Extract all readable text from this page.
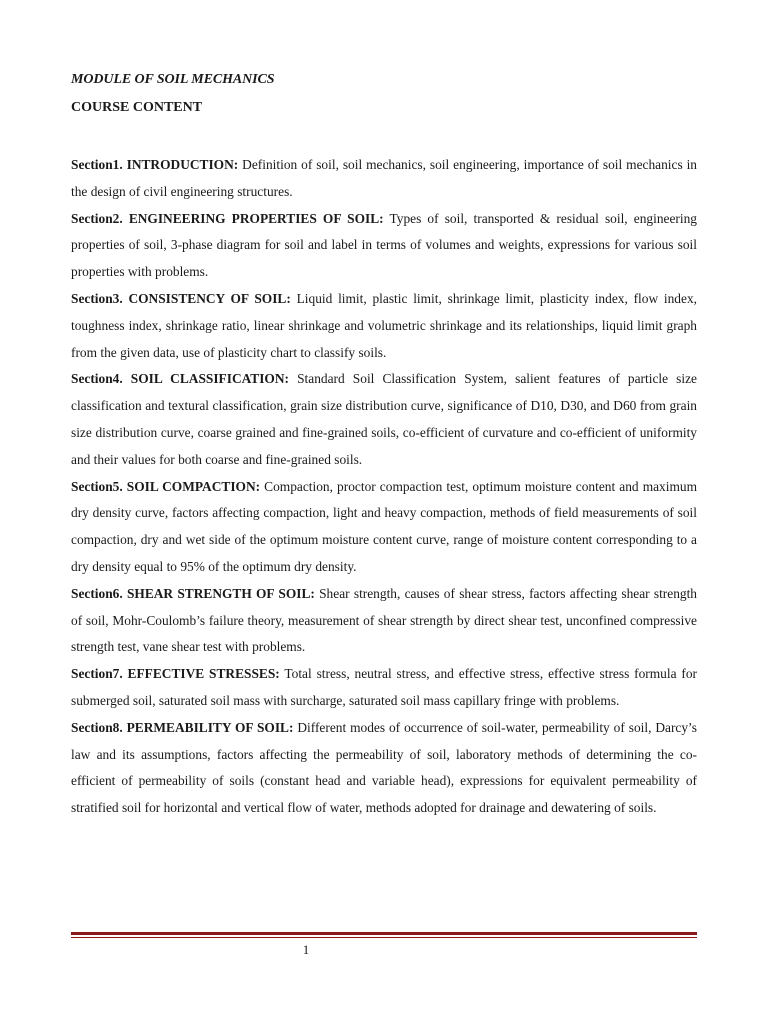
MODULE OF SOIL MECHANICS
COURSE CONTENT

Section1. INTRODUCTION: Definition of soil, soil mechanics, soil engineering, importance of soil mechanics in the design of civil engineering structures.

Section2. ENGINEERING PROPERTIES OF SOIL: Types of soil, transported & residual soil, engineering properties of soil, 3-phase diagram for soil and label in terms of volumes and weights, expressions for various soil properties with problems.

Section3. CONSISTENCY OF SOIL: Liquid limit, plastic limit, shrinkage limit, plasticity index, flow index, toughness index, shrinkage ratio, linear shrinkage and volumetric shrinkage and its relationships, liquid limit graph from the given data, use of plasticity chart to classify soils.

Section4. SOIL CLASSIFICATION: Standard Soil Classification System, salient features of particle size classification and textural classification, grain size distribution curve, significance of D10, D30, and D60 from grain size distribution curve, coarse grained and fine-grained soils, co-efficient of curvature and co-efficient of uniformity and their values for both coarse and fine-grained soils.

Section5. SOIL COMPACTION: Compaction, proctor compaction test, optimum moisture content and maximum dry density curve, factors affecting compaction, light and heavy compaction, methods of field measurements of soil compaction, dry and wet side of the optimum moisture content curve, range of moisture content corresponding to a dry density equal to 95% of the optimum dry density.

Section6. SHEAR STRENGTH OF SOIL: Shear strength, causes of shear stress, factors affecting shear strength of soil, Mohr-Coulomb’s failure theory, measurement of shear strength by direct shear test, unconfined compressive strength test, vane shear test with problems.

Section7. EFFECTIVE STRESSES: Total stress, neutral stress, and effective stress, effective stress formula for submerged soil, saturated soil mass with surcharge, saturated soil mass capillary fringe with problems.

Section8. PERMEABILITY OF SOIL: Different modes of occurrence of soil-water, permeability of soil, Darcy’s law and its assumptions, factors affecting the permeability of soil, laboratory methods of determining the co-efficient of permeability of soils (constant head and variable head), expressions for equivalent permeability of stratified soil for horizontal and vertical flow of water, methods adopted for drainage and dewatering of soils.

1
